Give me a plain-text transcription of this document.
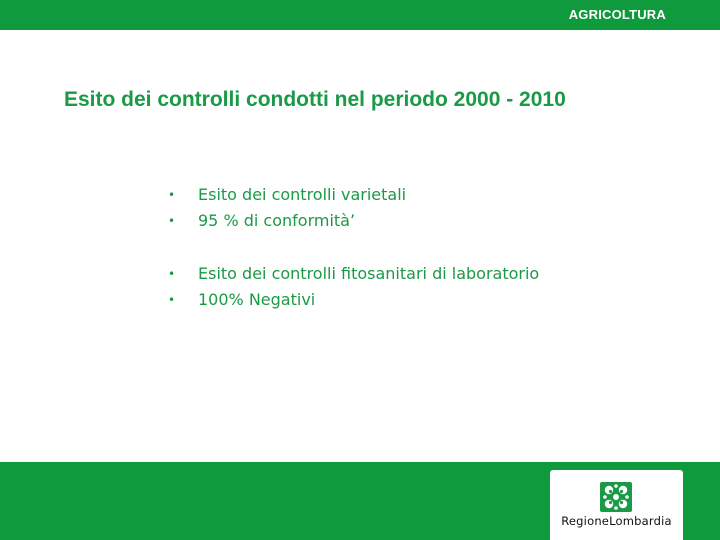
AGRICOLTURA
Esito dei controlli condotti nel periodo 2000 - 2010
• Esito dei controlli varietali
• 95 % di conformità’
• Esito dei controlli fitosanitari di laboratorio
• 100% Negativi
RegioneLombardia
